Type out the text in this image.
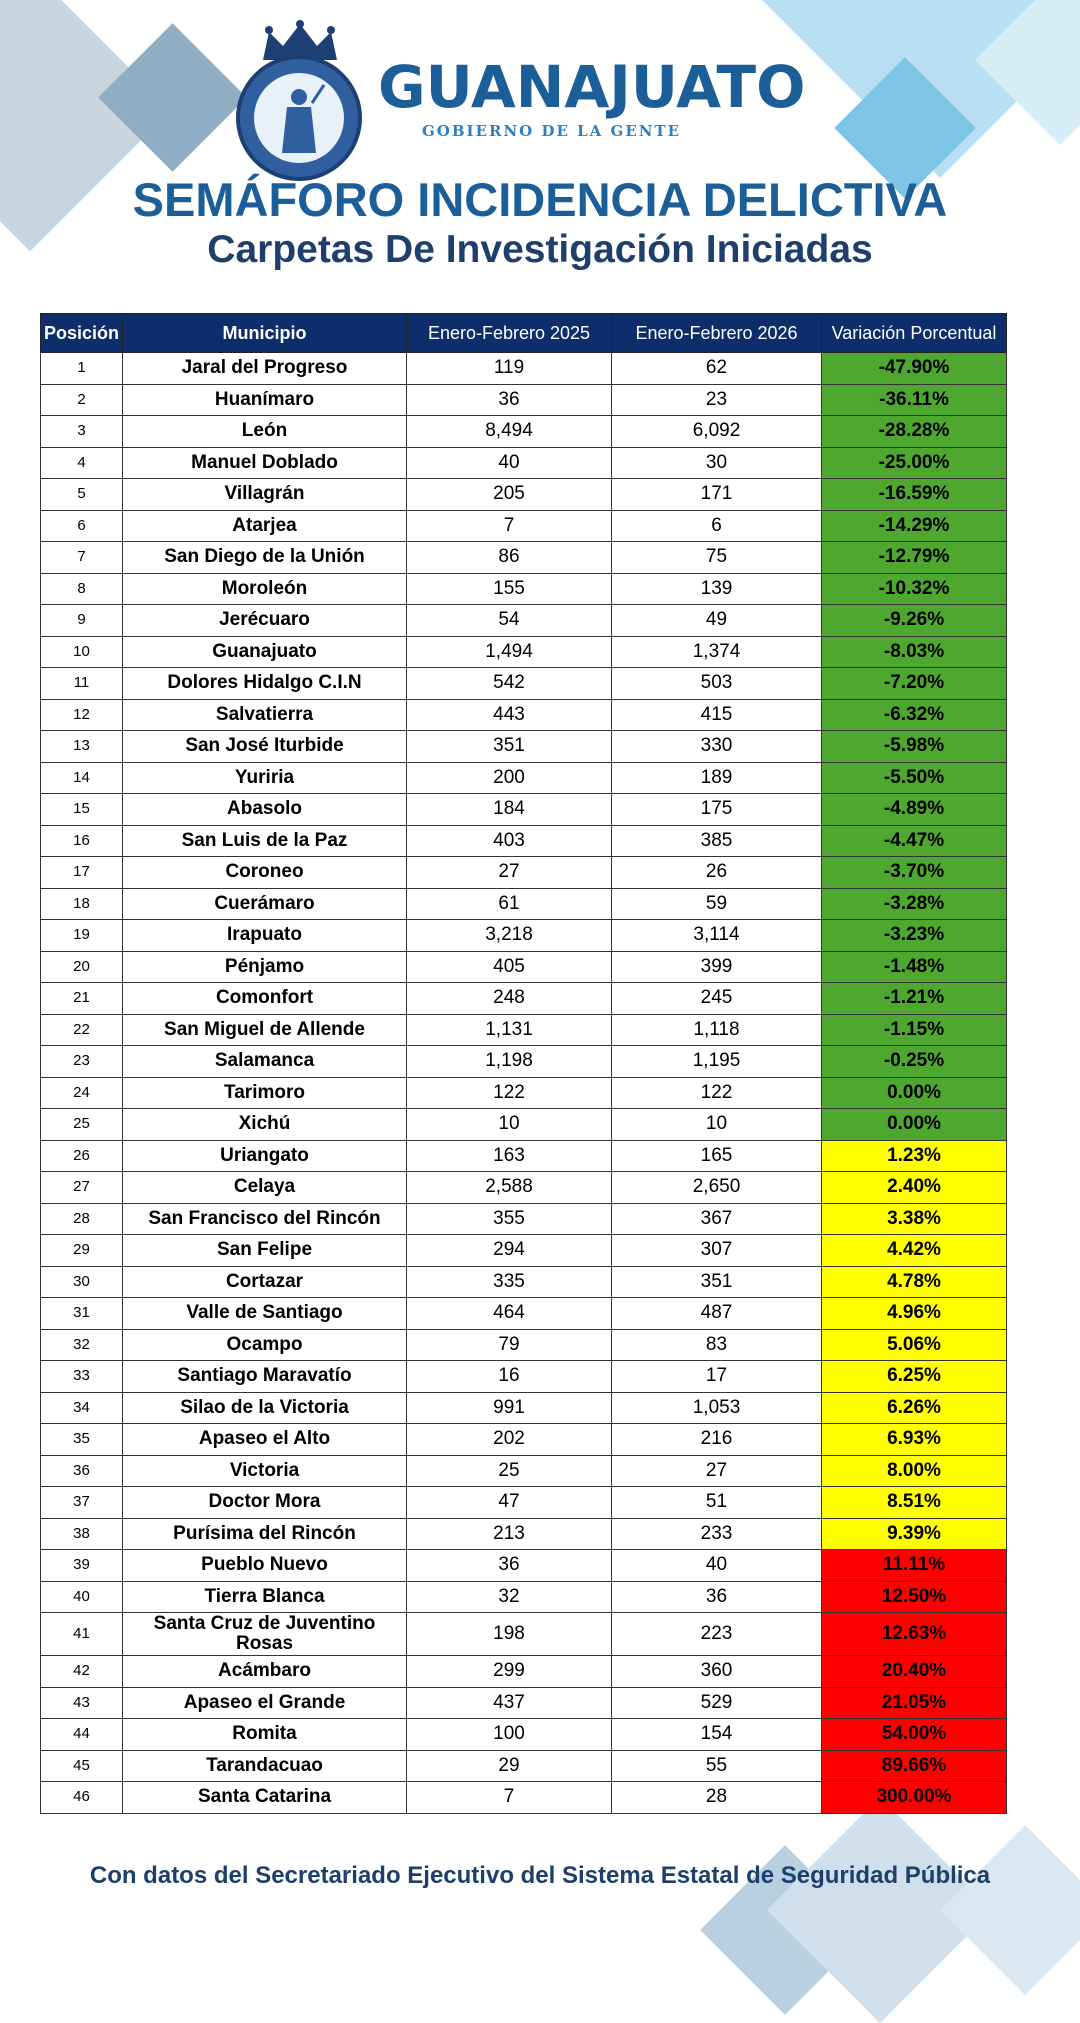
GUANAJUATO
GOBIERNO DE LA GENTE
SEMÁFORO INCIDENCIA DELICTIVA
Carpetas De Investigación Iniciadas
Posición	Municipio	Enero-Febrero 2025	Enero-Febrero 2026	Variación Porcentual
1	Jaral del Progreso	119	62	-47.90%
2	Huanímaro	36	23	-36.11%
3	León	8,494	6,092	-28.28%
4	Manuel Doblado	40	30	-25.00%
5	Villagrán	205	171	-16.59%
6	Atarjea	7	6	-14.29%
7	San Diego de la Unión	86	75	-12.79%
8	Moroleón	155	139	-10.32%
9	Jerécuaro	54	49	-9.26%
10	Guanajuato	1,494	1,374	-8.03%
11	Dolores Hidalgo C.I.N	542	503	-7.20%
12	Salvatierra	443	415	-6.32%
13	San José Iturbide	351	330	-5.98%
14	Yuriria	200	189	-5.50%
15	Abasolo	184	175	-4.89%
16	San Luis de la Paz	403	385	-4.47%
17	Coroneo	27	26	-3.70%
18	Cuerámaro	61	59	-3.28%
19	Irapuato	3,218	3,114	-3.23%
20	Pénjamo	405	399	-1.48%
21	Comonfort	248	245	-1.21%
22	San Miguel de Allende	1,131	1,118	-1.15%
23	Salamanca	1,198	1,195	-0.25%
24	Tarimoro	122	122	0.00%
25	Xichú	10	10	0.00%
26	Uriangato	163	165	1.23%
27	Celaya	2,588	2,650	2.40%
28	San Francisco del Rincón	355	367	3.38%
29	San Felipe	294	307	4.42%
30	Cortazar	335	351	4.78%
31	Valle de Santiago	464	487	4.96%
32	Ocampo	79	83	5.06%
33	Santiago Maravatío	16	17	6.25%
34	Silao de la Victoria	991	1,053	6.26%
35	Apaseo el Alto	202	216	6.93%
36	Victoria	25	27	8.00%
37	Doctor Mora	47	51	8.51%
38	Purísima del Rincón	213	233	9.39%
39	Pueblo Nuevo	36	40	11.11%
40	Tierra Blanca	32	36	12.50%
41	Santa Cruz de Juventino Rosas	198	223	12.63%
42	Acámbaro	299	360	20.40%
43	Apaseo el Grande	437	529	21.05%
44	Romita	100	154	54.00%
45	Tarandacuao	29	55	89.66%
46	Santa Catarina	7	28	300.00%
Con datos del Secretariado Ejecutivo del Sistema Estatal de Seguridad Pública
